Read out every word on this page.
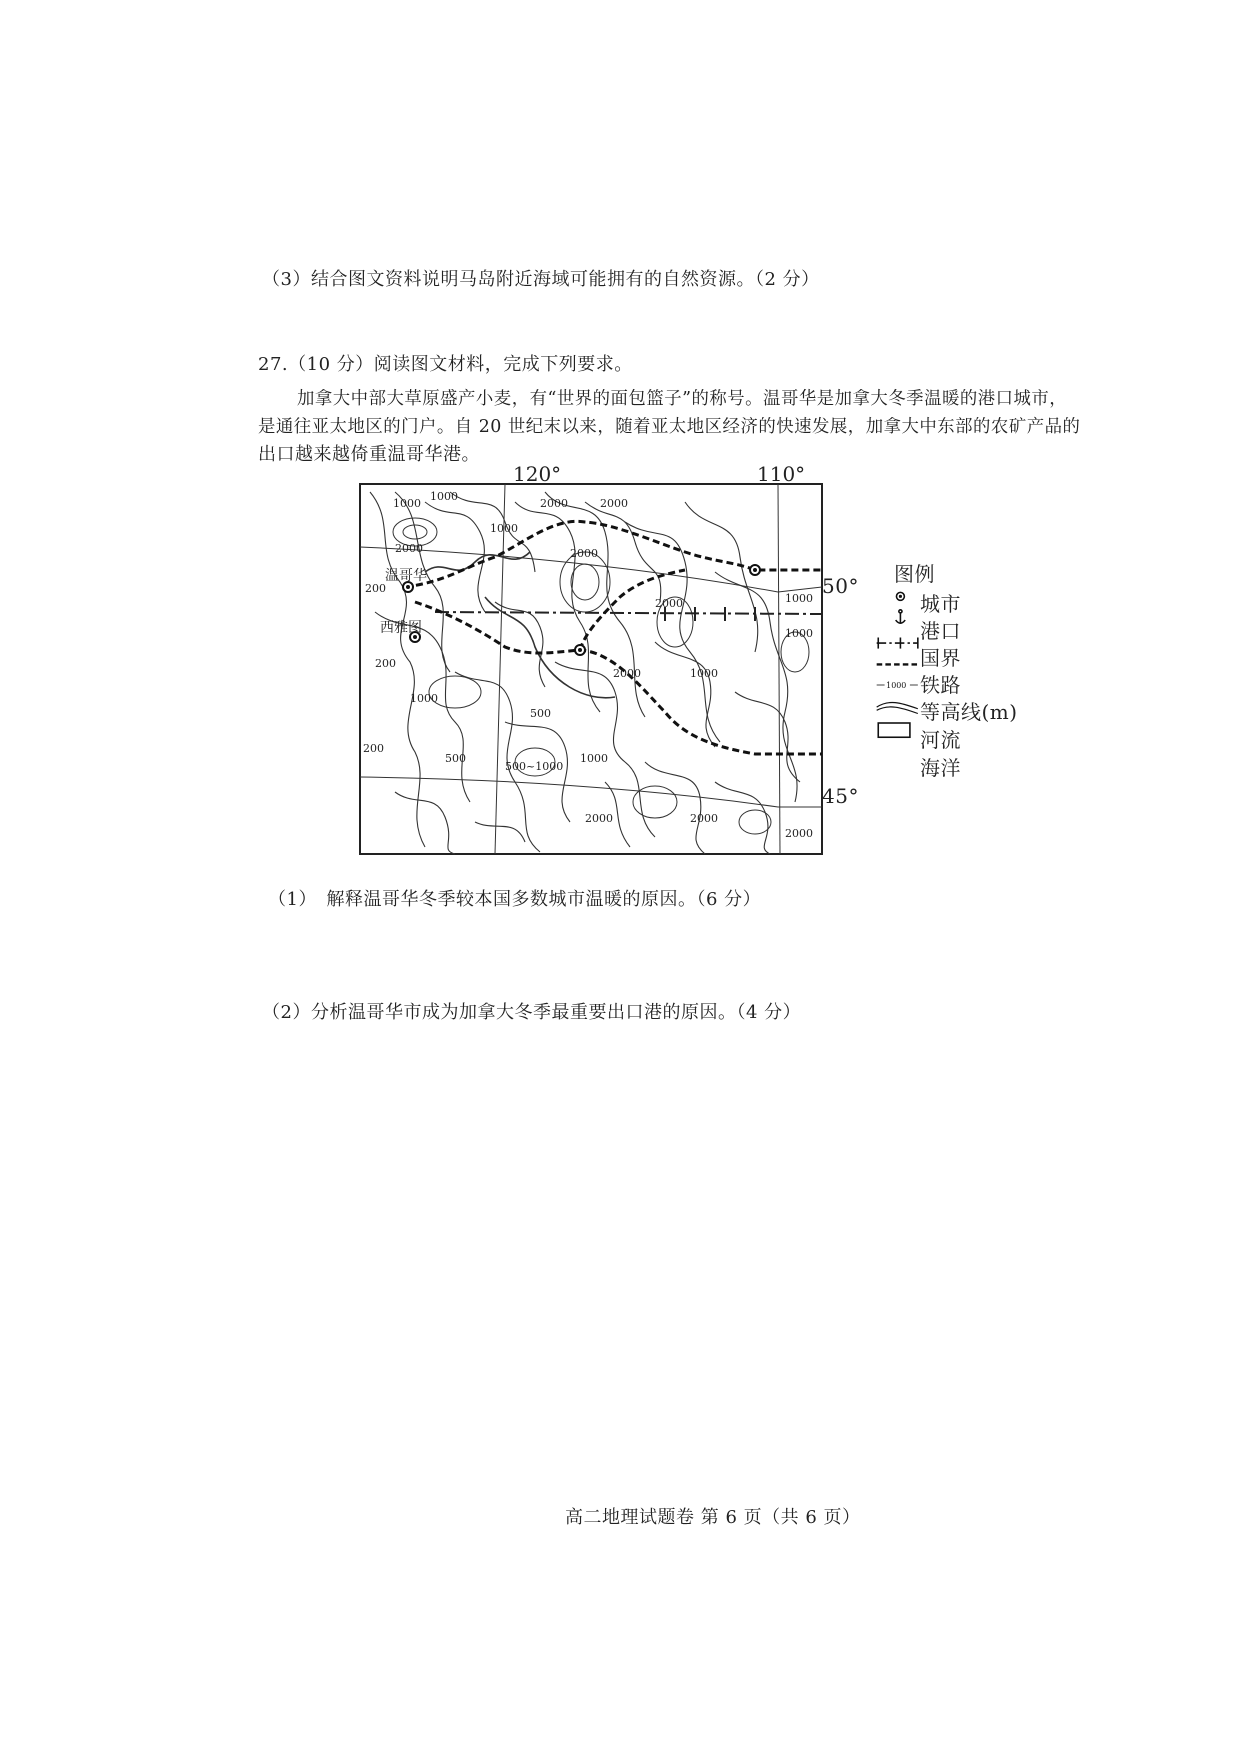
（3）结合图文资料说明马岛附近海域可能拥有的自然资源。（2 分）
27.（10 分）阅读图文材料，完成下列要求。
加拿大中部大草原盛产小麦，有“世界的面包篮子”的称号。温哥华是加拿大冬季温暖的港口城市，
是通往亚太地区的门户。自 20 世纪末以来，随着亚太地区经济的快速发展，加拿大中东部的农矿产品的
出口越来越倚重温哥华港。
120°	110°
温哥华
西雅图
1000
1000
2000
2000
1000
2000
2000
200
2000	1000
1000
2000
500
1000
1000
200
200
500
500~1000
1000
2000	2000
2000
50°
45°
图例
1000
城市
港口
国界
铁路
等高线(m)
河流
海洋
（1）　解释温哥华冬季较本国多数城市温暖的原因。（6 分）
（2）分析温哥华市成为加拿大冬季最重要出口港的原因。（4 分）
高二地理试题卷 第 6 页（共 6 页）
